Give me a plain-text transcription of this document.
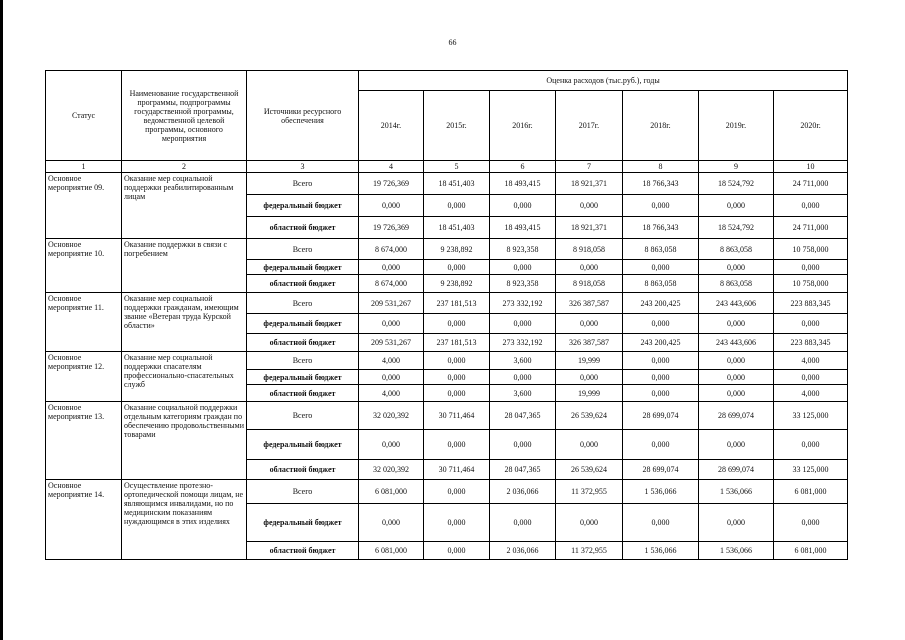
66
Статус	Наименование государственной программы, подпрограммы государственной программы, ведомственной целевой программы, основного мероприятия	Источники ресурсного обеспечения	Оценка расходов (тыс.руб.), годы						
			2014г.	2015г.	2016г.	2017г.	2018г.	2019г.	2020г.
1	2	3	4	5	6	7	8	9	10
Основное мероприятие 09.	Оказание мер социальной поддержки реабилитированным лицам	Всего	19 726,369	18 451,403	18 493,415	18 921,371	18 766,343	18 524,792	24 711,000
		федеральный бюджет	0,000	0,000	0,000	0,000	0,000	0,000	0,000
		областной бюджет	19 726,369	18 451,403	18 493,415	18 921,371	18 766,343	18 524,792	24 711,000
Основное мероприятие 10.	Оказание поддержки в связи с погребением	Всего	8 674,000	9 238,892	8 923,358	8 918,058	8 863,058	8 863,058	10 758,000
		федеральный бюджет	0,000	0,000	0,000	0,000	0,000	0,000	0,000
		областной бюджет	8 674,000	9 238,892	8 923,358	8 918,058	8 863,058	8 863,058	10 758,000
Основное мероприятие 11.	Оказание мер социальной поддержки гражданам, имеющим звание «Ветеран труда Курской области»	Всего	209 531,267	237 181,513	273 332,192	326 387,587	243 200,425	243 443,606	223 883,345
		федеральный бюджет	0,000	0,000	0,000	0,000	0,000	0,000	0,000
		областной бюджет	209 531,267	237 181,513	273 332,192	326 387,587	243 200,425	243 443,606	223 883,345
Основное мероприятие 12.	Оказание мер социальной поддержки спасателям профессионально-спасательных служб	Всего	4,000	0,000	3,600	19,999	0,000	0,000	4,000
		федеральный бюджет	0,000	0,000	0,000	0,000	0,000	0,000	0,000
		областной бюджет	4,000	0,000	3,600	19,999	0,000	0,000	4,000
Основное мероприятие 13.	Оказание социальной поддержки отдельным категориям граждан по обеспечению продовольственными товарами	Всего	32 020,392	30 711,464	28 047,365	26 539,624	28 699,074	28 699,074	33 125,000
		федеральный бюджет	0,000	0,000	0,000	0,000	0,000	0,000	0,000
		областной бюджет	32 020,392	30 711,464	28 047,365	26 539,624	28 699,074	28 699,074	33 125,000
Основное мероприятие 14.	Осуществление протезно-ортопедической помощи лицам, не являющимся инвалидами, но по медицинским показаниям нуждающимся в этих изделиях	Всего	6 081,000	0,000	2 036,066	11 372,955	1 536,066	1 536,066	6 081,000
		федеральный бюджет	0,000	0,000	0,000	0,000	0,000	0,000	0,000
		областной бюджет	6 081,000	0,000	2 036,066	11 372,955	1 536,066	1 536,066	6 081,000
